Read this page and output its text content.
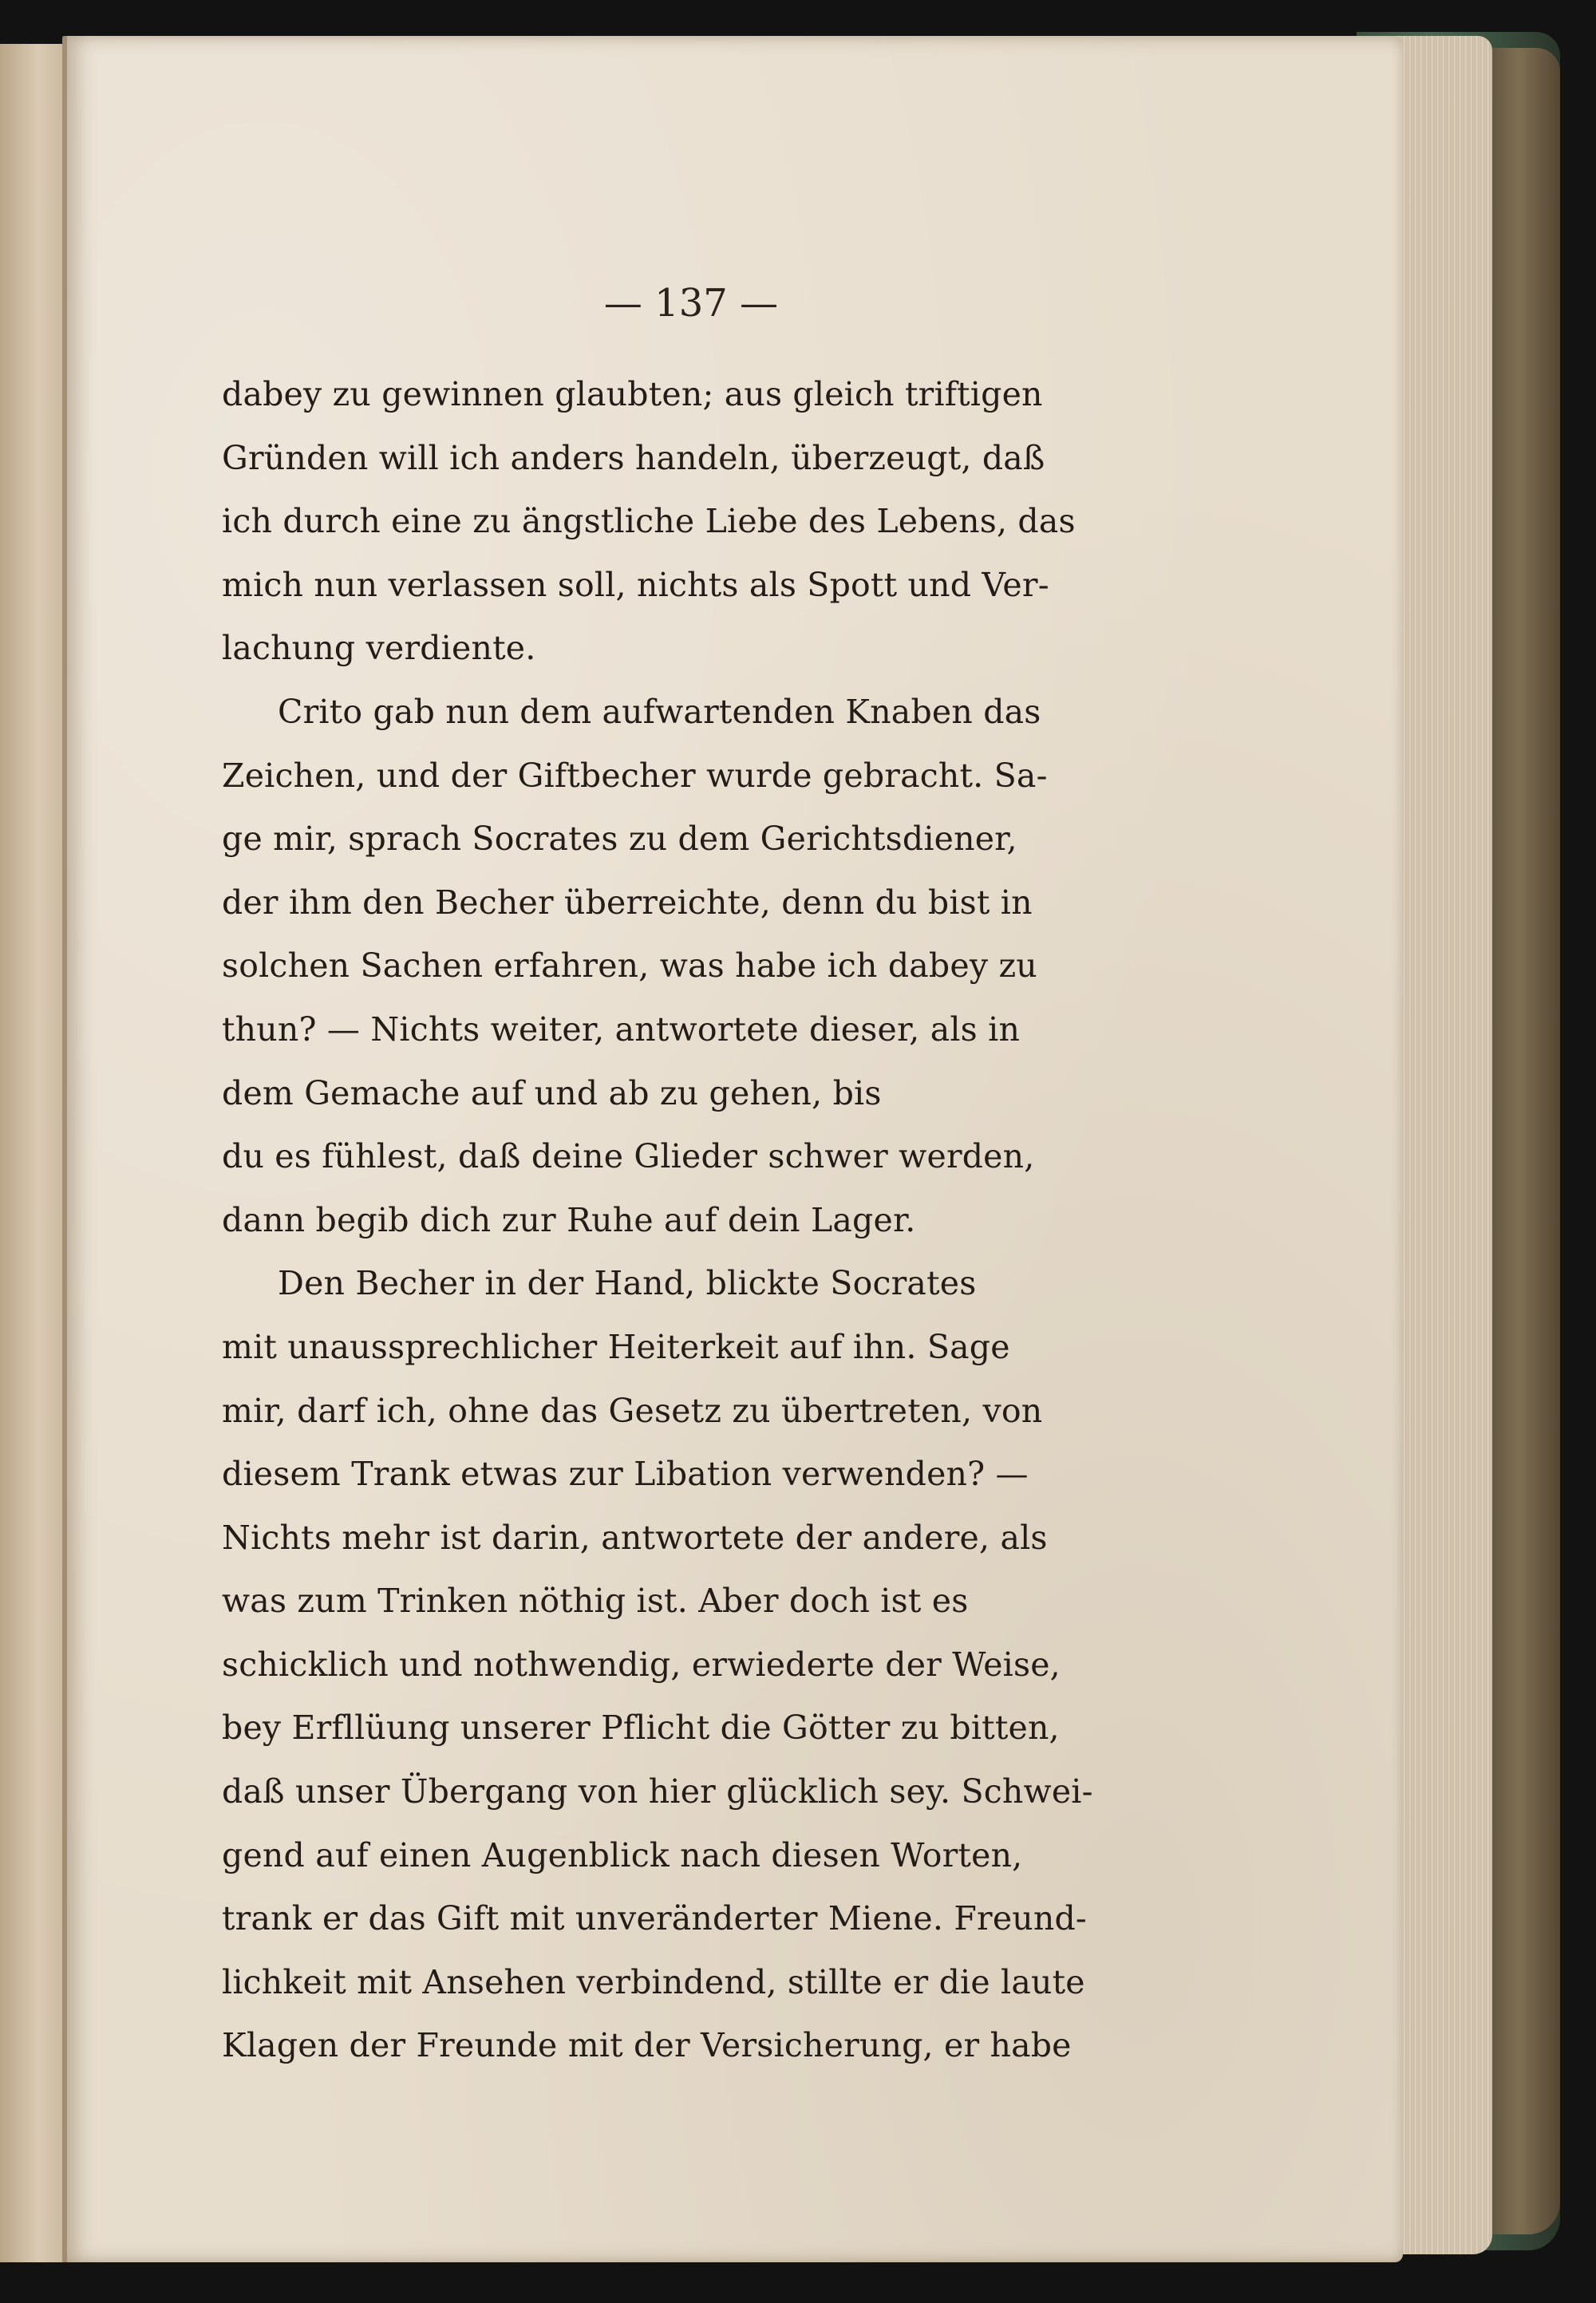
— 137 —
dabey zu gewinnen glaubten; aus gleich triftigen
Gründen will ich anders handeln, überzeugt, daß
ich durch eine zu ängstliche Liebe des Lebens, das
mich nun verlassen soll, nichts als Spott und Ver-
lachung verdiente.
Crito gab nun dem aufwartenden Knaben das
Zeichen, und der Giftbecher wurde gebracht. Sa-
ge mir, sprach Socrates zu dem Gerichtsdiener,
der ihm den Becher überreichte, denn du bist in
solchen Sachen erfahren, was habe ich dabey zu
thun? — Nichts weiter, antwortete dieser, als in
dem Gemache auf und ab zu gehen, bis
du es fühlest, daß deine Glieder schwer werden,
dann begib dich zur Ruhe auf dein Lager.
Den Becher in der Hand, blickte Socrates
mit unaussprechlicher Heiterkeit auf ihn. Sage
mir, darf ich, ohne das Gesetz zu übertreten, von
diesem Trank etwas zur Libation verwenden? —
Nichts mehr ist darin, antwortete der andere, als
was zum Trinken nöthig ist. Aber doch ist es
schicklich und nothwendig, erwiederte der Weise,
bey Erfllüung unserer Pflicht die Götter zu bitten,
daß unser Übergang von hier glücklich sey. Schwei-
gend auf einen Augenblick nach diesen Worten,
trank er das Gift mit unveränderter Miene. Freund-
lichkeit mit Ansehen verbindend, stillte er die laute
Klagen der Freunde mit der Versicherung, er habe
